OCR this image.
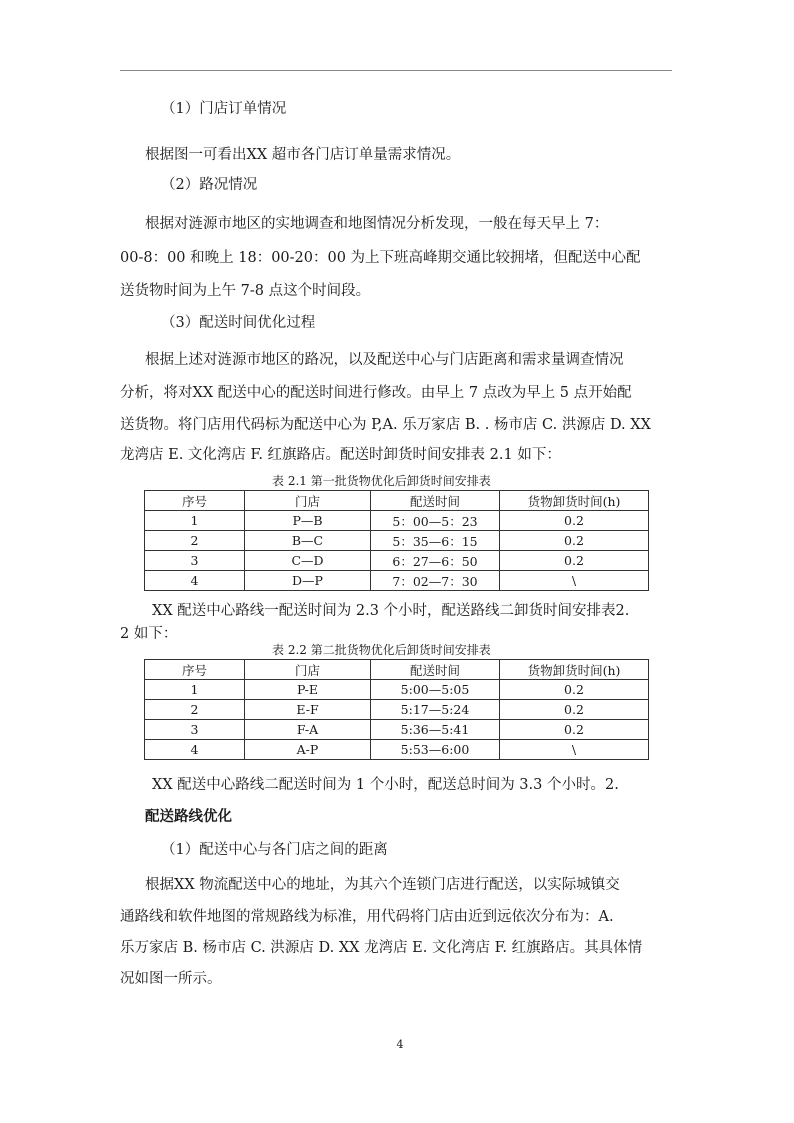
（1）门店订单情况
根据图一可看出XX 超市各门店订单量需求情况。
（2）路况情况
根据对涟源市地区的实地调查和地图情况分析发现，一般在每天早上 7：
00-8：00 和晚上 18：00-20：00 为上下班高峰期交通比较拥堵，但配送中心配
送货物时间为上午 7-8 点这个时间段。
（3）配送时间优化过程
根据上述对涟源市地区的路况，以及配送中心与门店距离和需求量调查情况
分析，将对XX 配送中心的配送时间进行修改。由早上 7 点改为早上 5 点开始配
送货物。将门店用代码标为配送中心为 P,A. 乐万家店 B. . 杨市店 C. 洪源店 D. XX
龙湾店 E. 文化湾店 F. 红旗路店。配送时卸货时间安排表 2.1 如下：
表 2.1 第一批货物优化后卸货时间安排表
序号	门店	配送时间	货物卸货时间(h)
1	P—B	5：00—5：23	0.2
2	B—C	5：35—6：15	0.2
3	C—D	6：27—6：50	0.2
4	D—P	7：02—7：30	\
XX 配送中心路线一配送时间为 2.3 个小时，配送路线二卸货时间安排表2.
2 如下：
表 2.2 第二批货物优化后卸货时间安排表
序号	门店	配送时间	货物卸货时间(h)
1	P-E	5:00—5:05	0.2
2	E-F	5:17—5:24	0.2
3	F-A	5:36—5:41	0.2
4	A-P	5:53—6:00	\
XX 配送中心路线二配送时间为 1 个小时，配送总时间为 3.3 个小时。2.
配送路线优化
（1）配送中心与各门店之间的距离
根据XX 物流配送中心的地址，为其六个连锁门店进行配送，以实际城镇交
通路线和软件地图的常规路线为标准，用代码将门店由近到远依次分布为：A.
乐万家店 B. 杨市店 C. 洪源店 D. XX 龙湾店 E. 文化湾店 F. 红旗路店。其具体情
况如图一所示。
4
